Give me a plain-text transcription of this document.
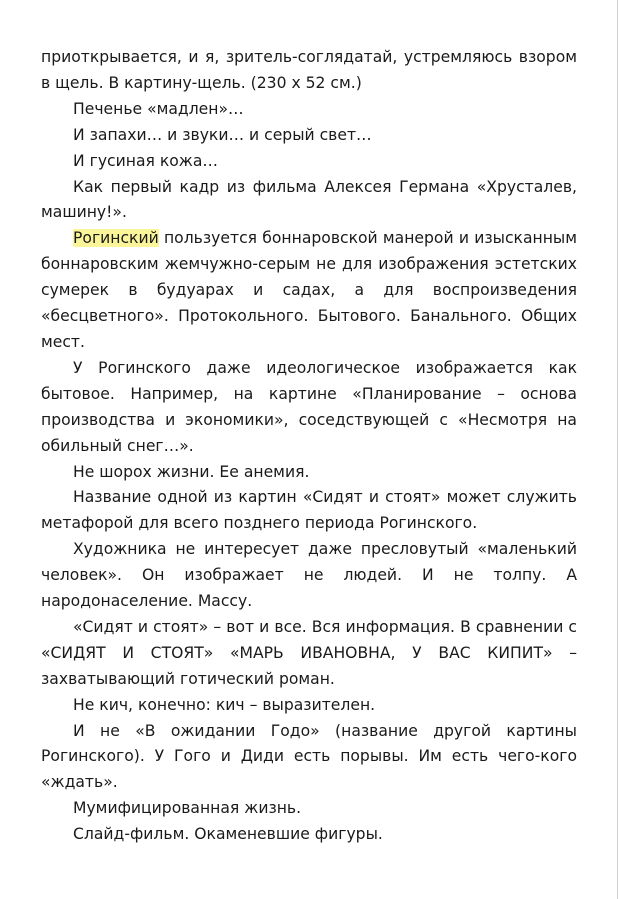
приоткрывается, и я, зритель-соглядатай, устремляюсь взором в щель. В картину-щель. (230 x 52 см.)

Печенье «мадлен»…

И запахи… и звуки… и серый свет…

И гусиная кожа…

Как первый кадр из фильма Алексея Германа «Хрусталев, машину!».

Рогинский пользуется боннаровской манерой и изысканным боннаровским жемчужно-серым не для изображения эстетских сумерек в будуарах и садах, а для воспроизведения «бесцветного». Протокольного. Бытового. Банального. Общих мест.

У Рогинского даже идеологическое изображается как бытовое. Например, на картине «Планирование – основа производства и экономики», соседствующей с «Несмотря на обильный снег…».

Не шорох жизни. Ее анемия.

Название одной из картин «Сидят и стоят» может служить метафорой для всего позднего периода Рогинского.

Художника не интересует даже пресловутый «маленький человек». Он изображает не людей. И не толпу. А народонаселение. Массу.

«Сидят и стоят» – вот и все. Вся информация. В сравнении с «СИДЯТ И СТОЯТ» «МАРЬ ИВАНОВНА, У ВАС КИПИТ» – захватывающий готический роман.

Не кич, конечно: кич – выразителен.

И не «В ожидании Годо» (название другой картины Рогинского). У Гого и Диди есть порывы. Им есть чего-кого «ждать».

Мумифицированная жизнь.

Слайд-фильм. Окаменевшие фигуры.
